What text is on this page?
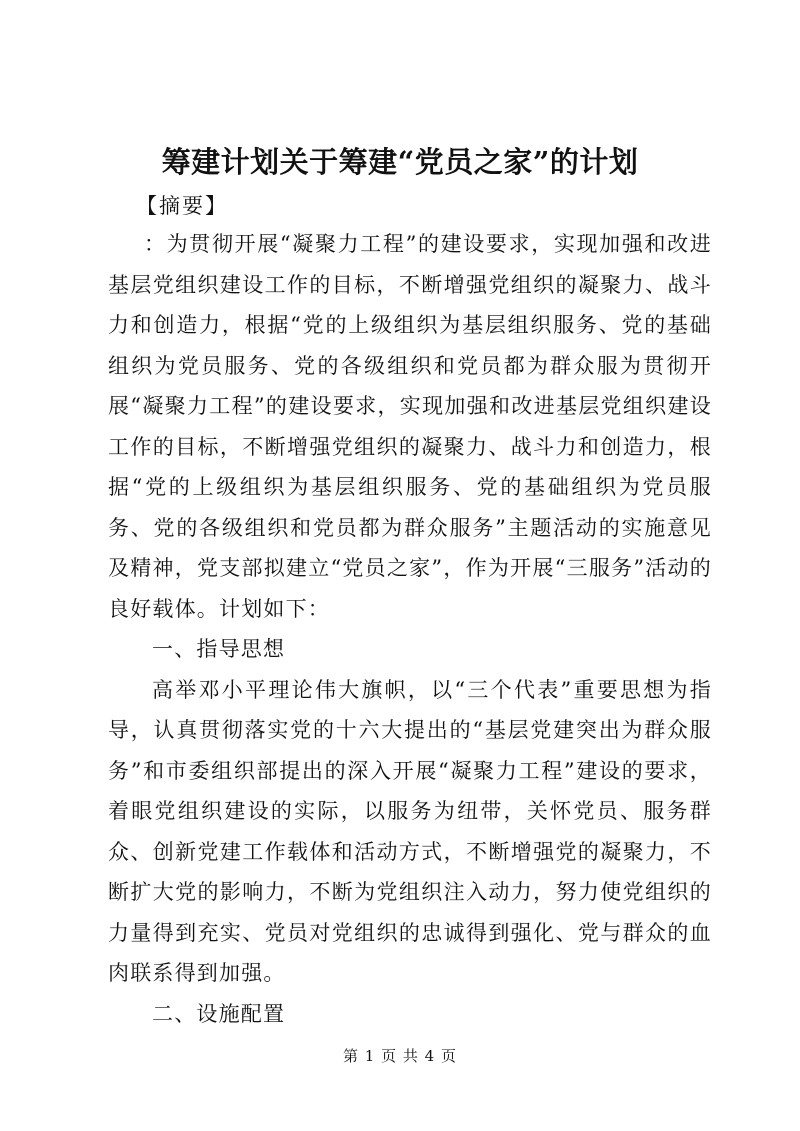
筹建计划关于筹建“党员之家”的计划
【摘要】

：为贯彻开展“凝聚力工程”的建设要求，实现加强和改进基层党组织建设工作的目标，不断增强党组织的凝聚力、战斗力和创造力，根据“党的上级组织为基层组织服务、党的基础组织为党员服务、党的各级组织和党员都为群众服为贯彻开展“凝聚力工程”的建设要求，实现加强和改进基层党组织建设工作的目标，不断增强党组织的凝聚力、战斗力和创造力，根据“党的上级组织为基层组织服务、党的基础组织为党员服务、党的各级组织和党员都为群众服务”主题活动的实施意见及精神，党支部拟建立“党员之家”，作为开展“三服务”活动的良好载体。计划如下：

一、指导思想

高举邓小平理论伟大旗帜，以“三个代表”重要思想为指导，认真贯彻落实党的十六大提出的“基层党建突出为群众服务”和市委组织部提出的深入开展“凝聚力工程”建设的要求，着眼党组织建设的实际，以服务为纽带，关怀党员、服务群众、创新党建工作载体和活动方式，不断增强党的凝聚力，不断扩大党的影响力，不断为党组织注入动力，努力使党组织的力量得到充实、党员对党组织的忠诚得到强化、党与群众的血肉联系得到加强。

二、设施配置

第 1 页 共 4 页
